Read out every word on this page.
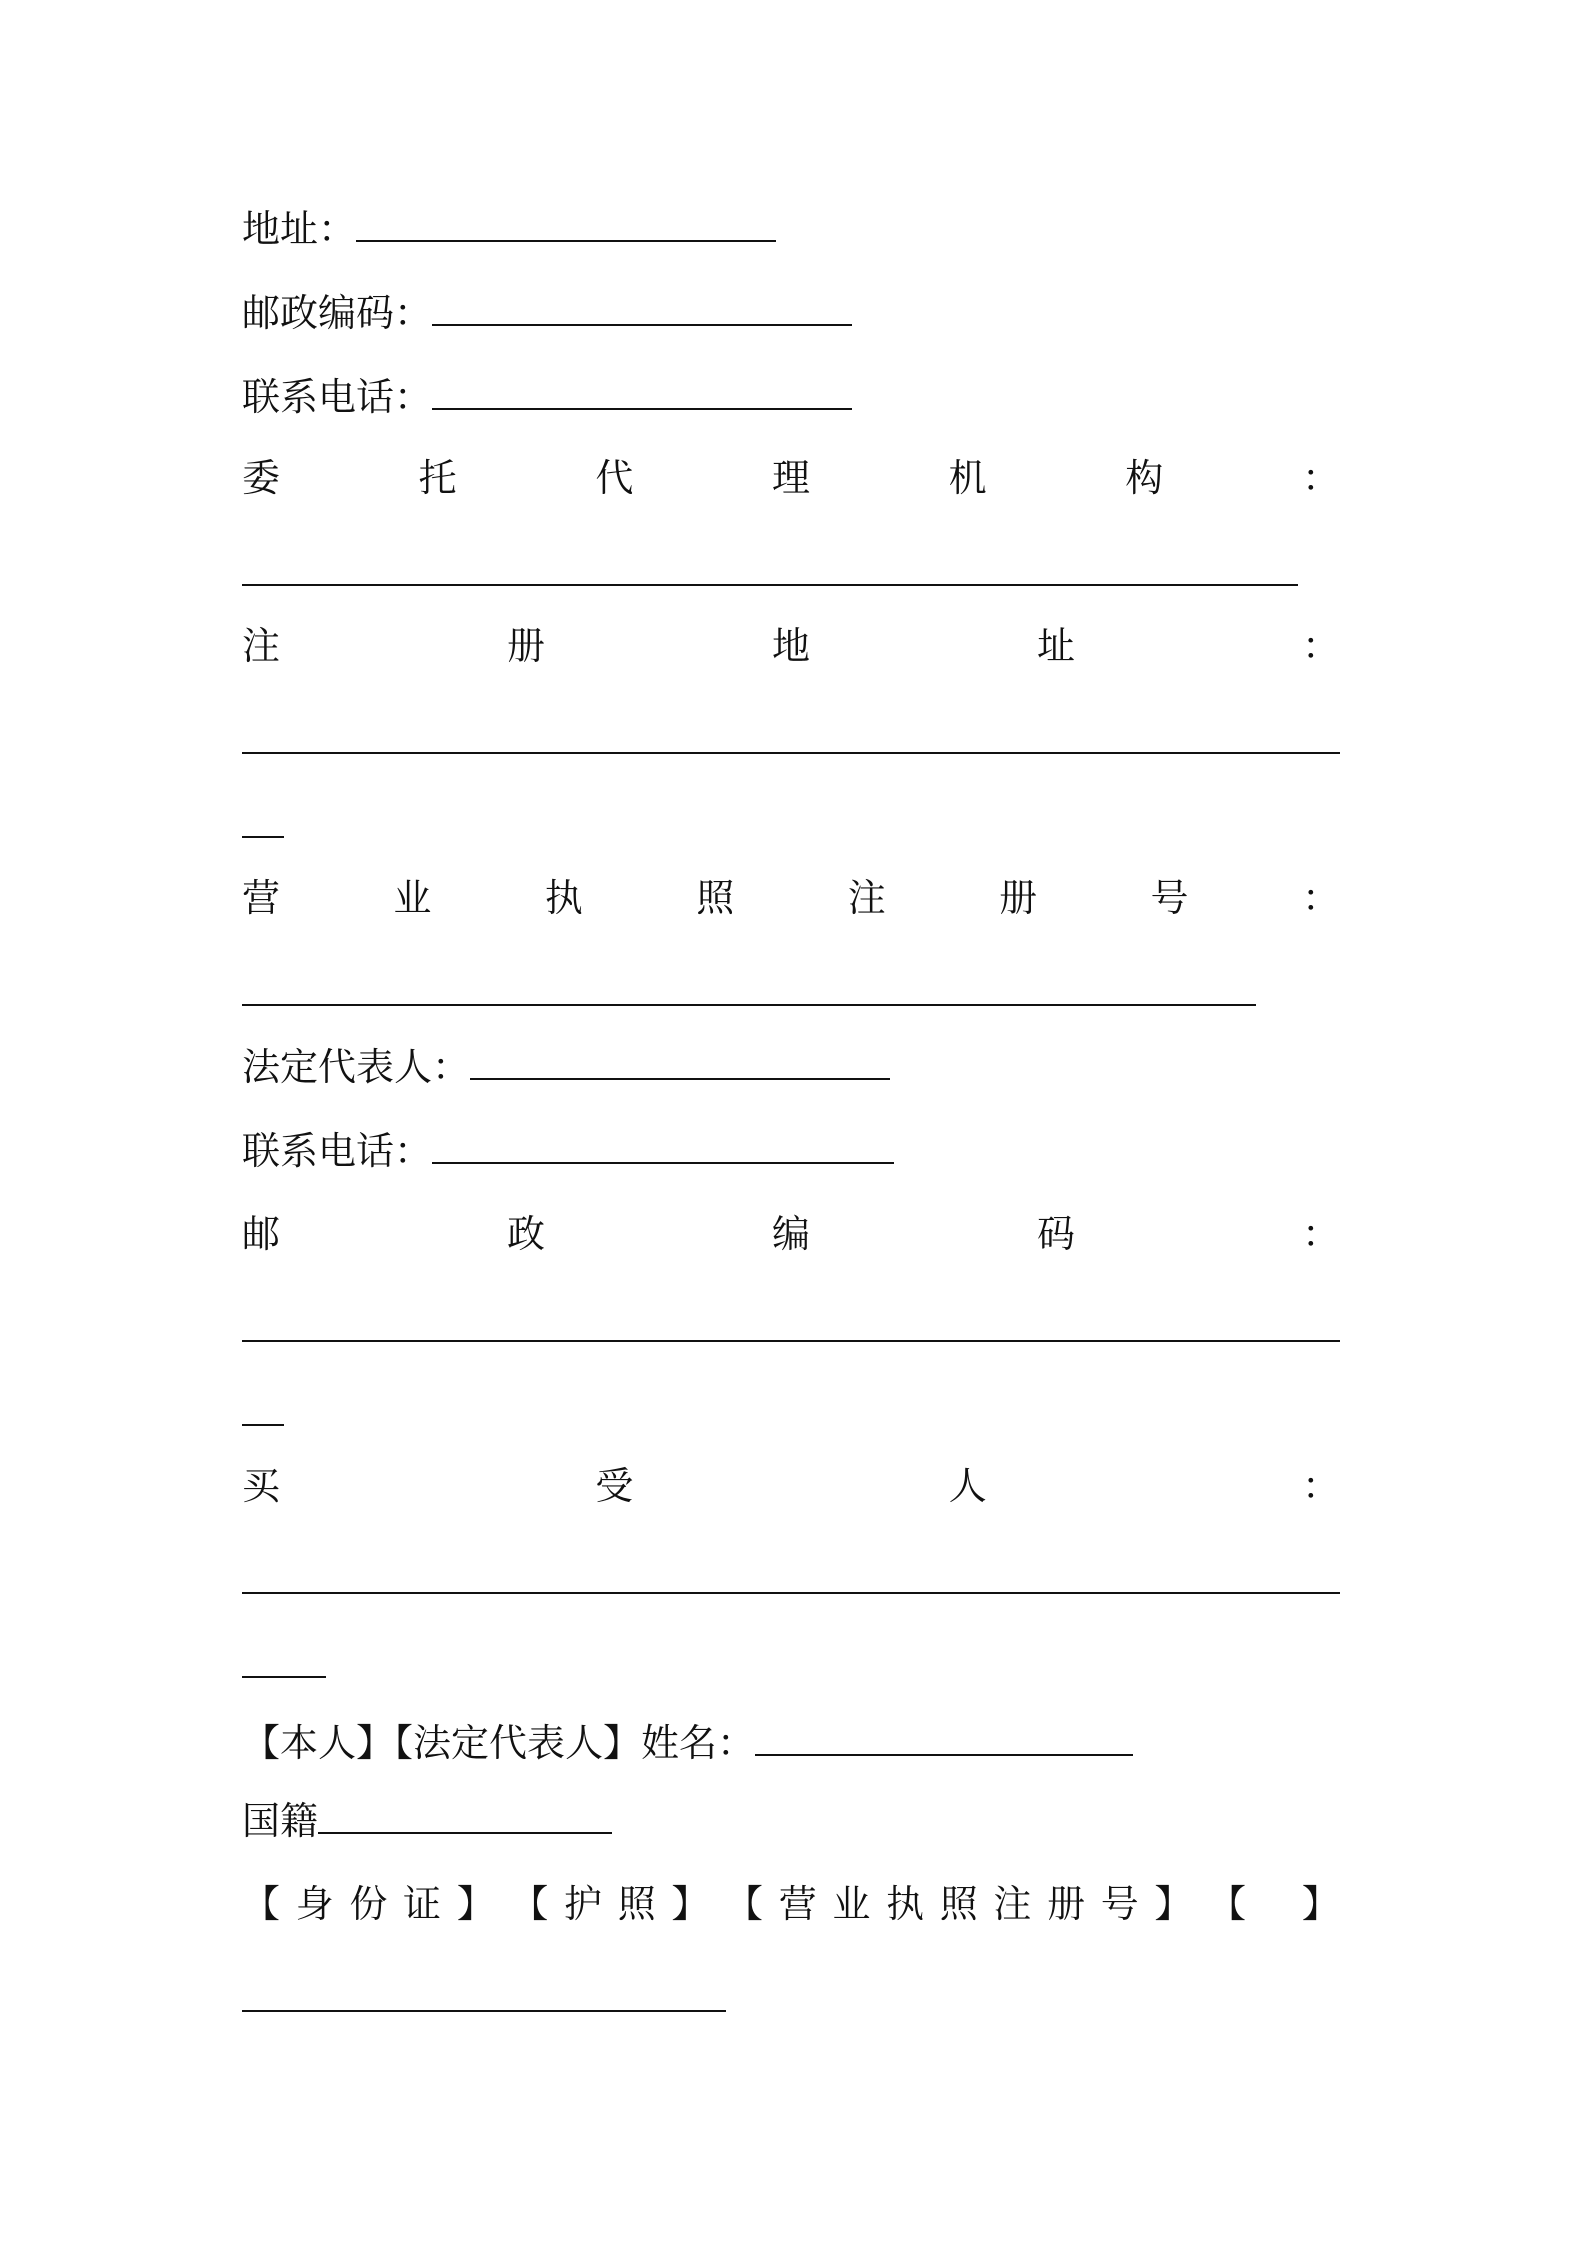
地址：
邮政编码：
联系电话：
委	托	代	理	机	构	：
注	册	地	址	：
营	业	执	照	注	册	号	：
法定代表人：
联系电话：
邮	政	编	码	：
买	受	人	：
【本人】【法定代表人】姓名：
国籍
【 身 份 证 】 【 护 照 】 【 营 业 执 照 注 册 号 】 【 】
